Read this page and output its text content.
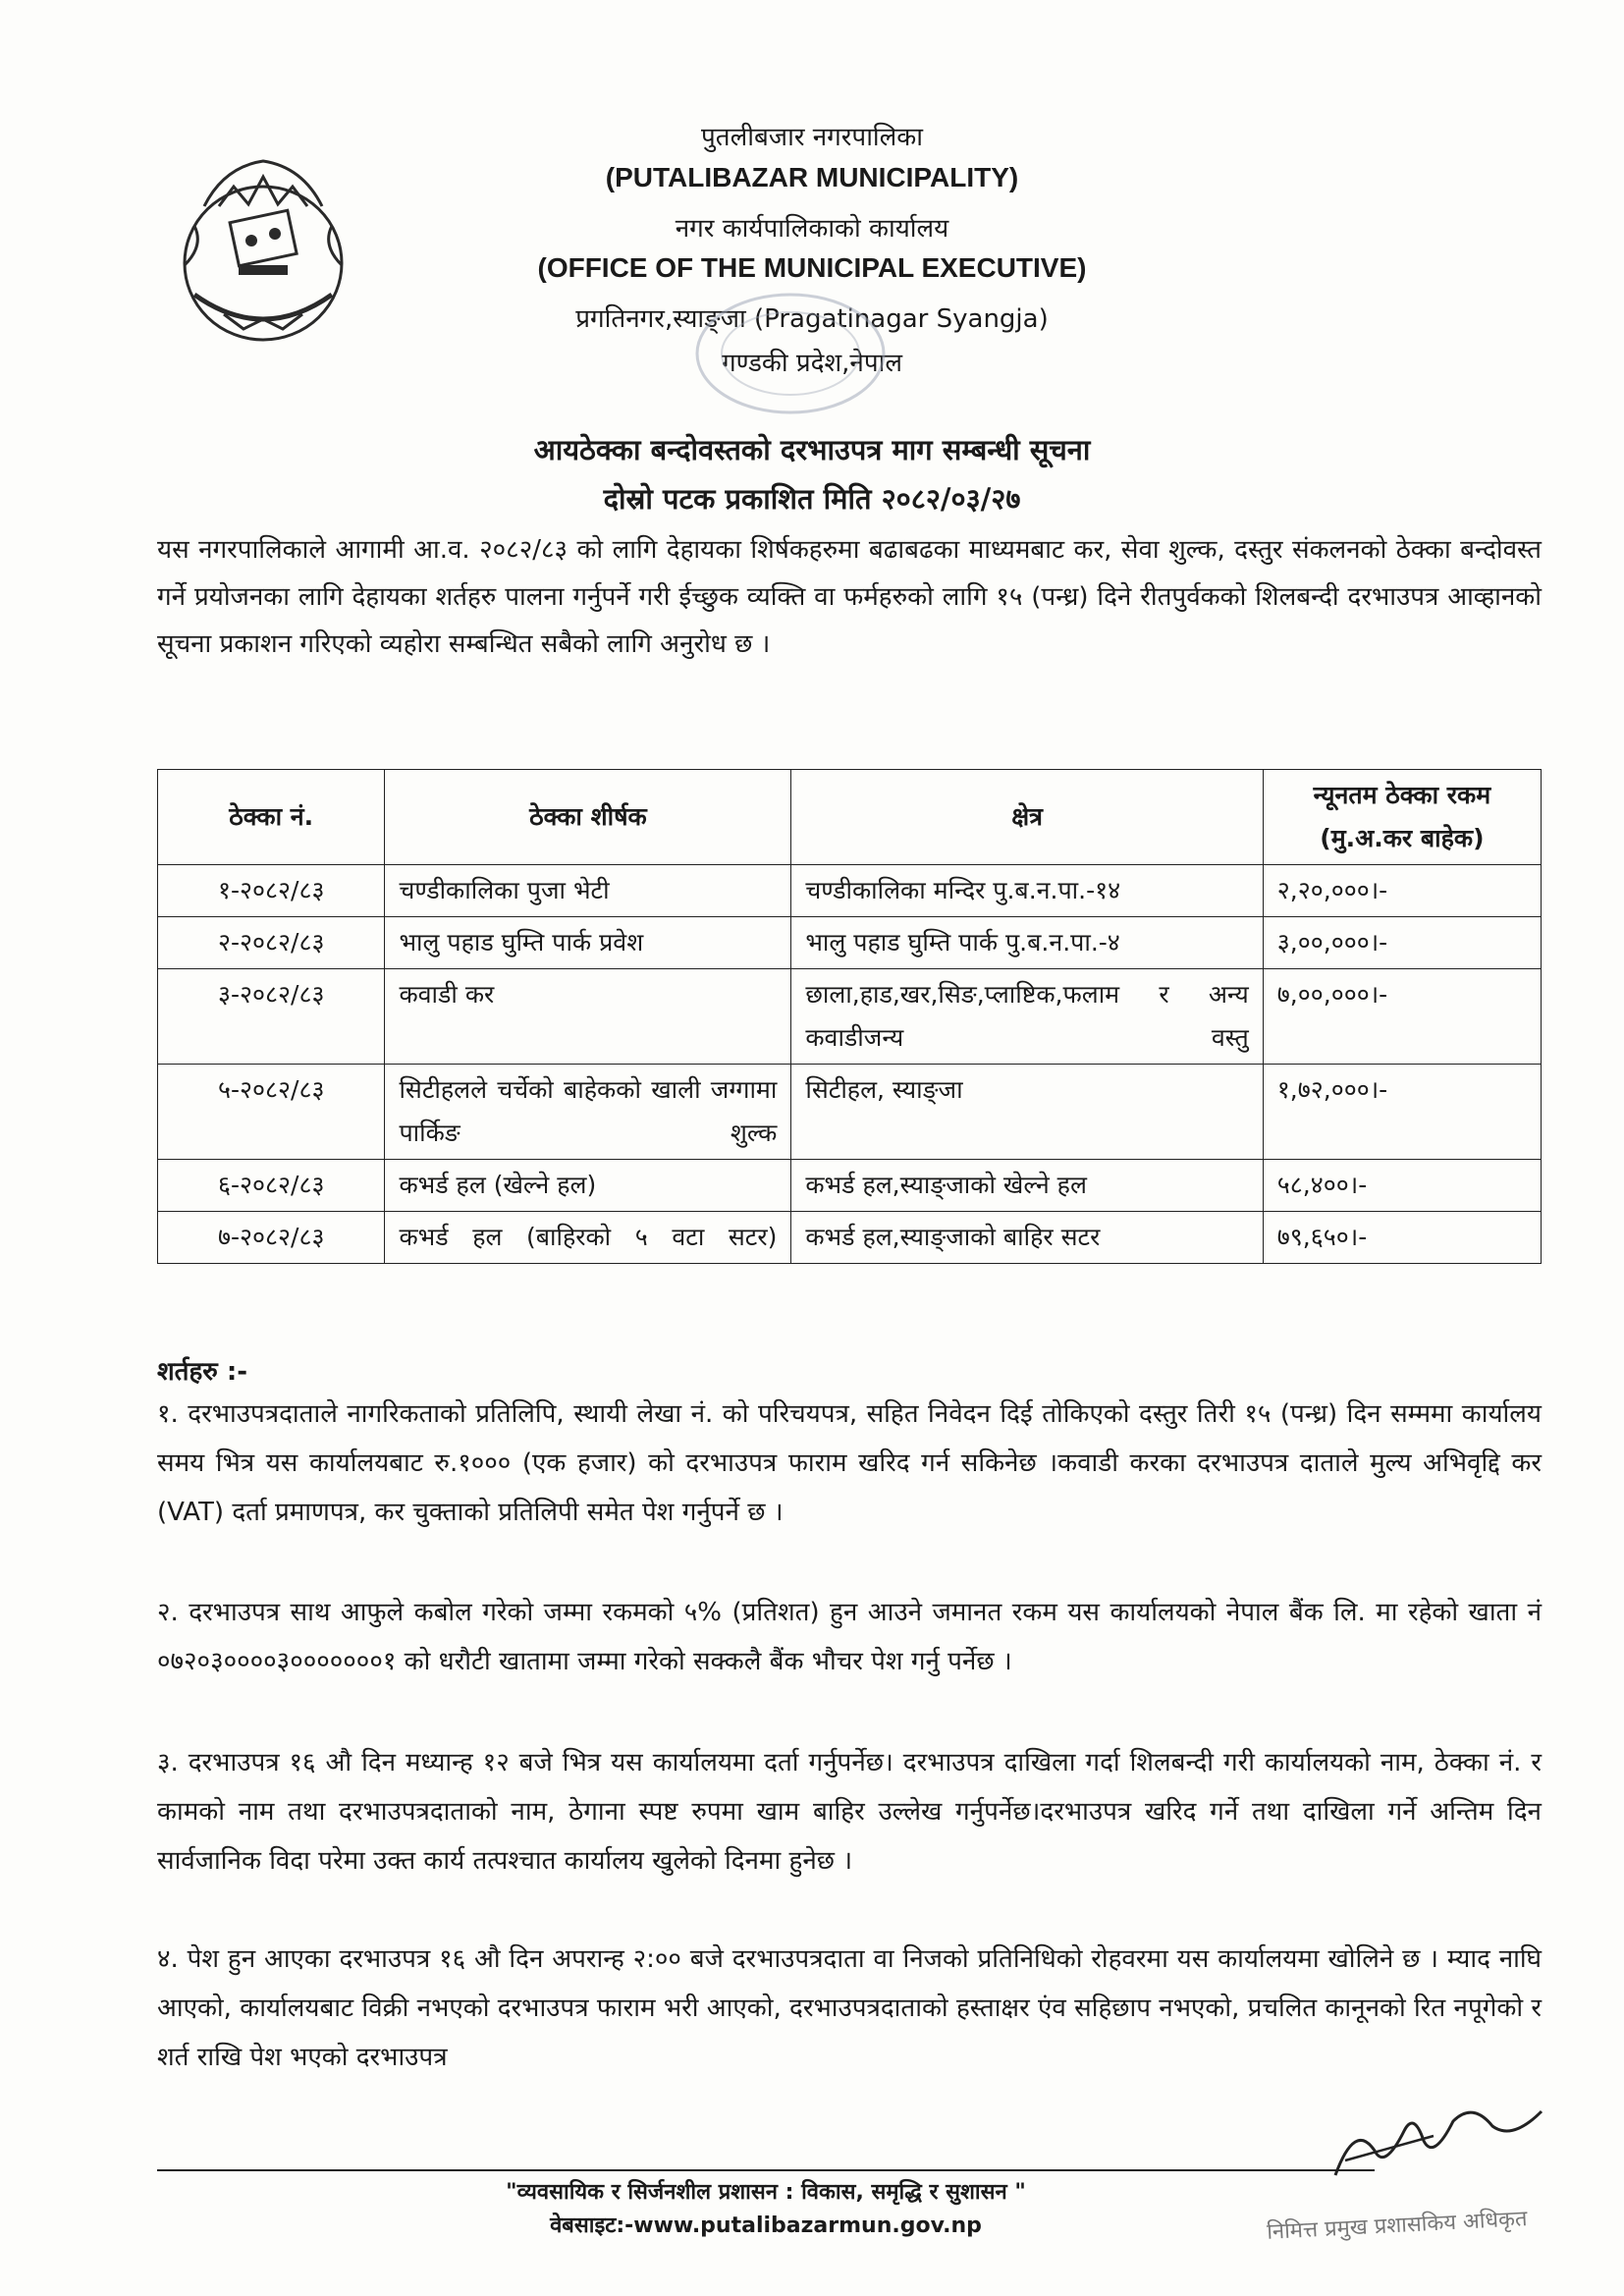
पुतलीबजार नगरपालिका
(PUTALIBAZAR MUNICIPALITY)
नगर कार्यपालिकाको कार्यालय
(OFFICE OF THE MUNICIPAL EXECUTIVE)
प्रगतिनगर,स्याङ्जा (Pragatinagar Syangja)
गण्डकी प्रदेश,नेपाल
आयठेक्का बन्दोवस्तको दरभाउपत्र माग सम्बन्धी सूचना
दोस्रो पटक प्रकाशित मिति २०८२/०३/२७
यस नगरपालिकाले आगामी आ.व. २०८२/८३ को लागि देहायका शिर्षकहरुमा बढाबढका माध्यमबाट कर, सेवा शुल्क, दस्तुर संकलनको ठेक्का बन्दोवस्त गर्ने प्रयोजनका लागि देहायका शर्तहरु पालना गर्नुपर्ने गरी ईच्छुक व्यक्ति वा फर्महरुको लागि १५ (पन्ध्र) दिने रीतपुर्वकको शिलबन्दी दरभाउपत्र आव्हानको सूचना प्रकाशन गरिएको व्यहोरा सम्बन्धित सबैको लागि अनुरोध छ ।
ठेक्का नं.	ठेक्का शीर्षक	क्षेत्र	न्यूनतम ठेक्का रकम (मु.अ.कर बाहेक)
१-२०८२/८३	चण्डीकालिका पुजा भेटी	चण्डीकालिका मन्दिर पु.ब.न.पा.-१४	२,२०,०००।-
२-२०८२/८३	भालु पहाड घुम्ति पार्क प्रवेश	भालु पहाड घुम्ति पार्क पु.ब.न.पा.-४	३,००,०००।-
३-२०८२/८३	कवाडी कर	छाला,हाड,खर,सिङ,प्लाष्टिक,फलाम र अन्य कवाडीजन्य वस्तु	७,००,०००।-
५-२०८२/८३	सिटीहलले चर्चेको बाहेकको खाली जग्गामा पार्किङ शुल्क	सिटीहल, स्याङ्जा	१,७२,०००।-
६-२०८२/८३	कभर्ड हल (खेल्ने हल)	कभर्ड हल,स्याङ्जाको खेल्ने हल	५८,४००।-
७-२०८२/८३	कभर्ड हल (बाहिरको ५ वटा सटर)	कभर्ड हल,स्याङ्जाको बाहिर सटर	७९,६५०।-
शर्तहरु :-
१. दरभाउपत्रदाताले नागरिकताको प्रतिलिपि, स्थायी लेखा नं. को परिचयपत्र, सहित निवेदन दिई तोकिएको दस्तुर तिरी १५ (पन्ध्र) दिन सम्ममा कार्यालय समय भित्र यस कार्यालयबाट रु.१००० (एक हजार) को दरभाउपत्र फाराम खरिद गर्न सकिनेछ ।कवाडी करका दरभाउपत्र दाताले मुल्य अभिवृद्दि कर (VAT) दर्ता प्रमाणपत्र, कर चुक्ताको प्रतिलिपी समेत पेश गर्नुपर्ने छ ।
२. दरभाउपत्र साथ आफुले कबोल गरेको जम्मा रकमको ५% (प्रतिशत) हुन आउने जमानत रकम यस कार्यालयको नेपाल बैंक लि. मा रहेको खाता नं ०७२०३००००३०००००००१ को धरौटी खातामा जम्मा गरेको सक्कलै बैंक भौचर पेश गर्नु पर्नेछ ।
३. दरभाउपत्र १६ औ दिन मध्यान्ह १२ बजे भित्र यस कार्यालयमा दर्ता गर्नुपर्नेछ। दरभाउपत्र दाखिला गर्दा शिलबन्दी गरी कार्यालयको नाम, ठेक्का नं. र कामको नाम तथा दरभाउपत्रदाताको नाम, ठेगाना स्पष्ट रुपमा खाम बाहिर उल्लेख गर्नुपर्नेछ।दरभाउपत्र खरिद गर्ने तथा दाखिला गर्ने अन्तिम दिन सार्वजानिक विदा परेमा उक्त कार्य तत्पश्चात कार्यालय खुलेको दिनमा हुनेछ ।
४. पेश हुन आएका दरभाउपत्र १६ औ दिन अपरान्ह २:०० बजे दरभाउपत्रदाता वा निजको प्रतिनिधिको रोहवरमा यस कार्यालयमा खोलिने छ । म्याद नाघि आएको, कार्यालयबाट विक्री नभएको दरभाउपत्र फाराम भरी आएको, दरभाउपत्रदाताको हस्ताक्षर एंव सहिछाप नभएको, प्रचलित कानूनको रित नपूगेको र शर्त राखि पेश भएको दरभाउपत्र
निमित्त प्रमुख प्रशासकिय अधिकृत
"व्यवसायिक र सिर्जनशील प्रशासन : विकास, समृद्धि र सुशासन "
वेबसाइट:-www.putalibazarmun.gov.np
